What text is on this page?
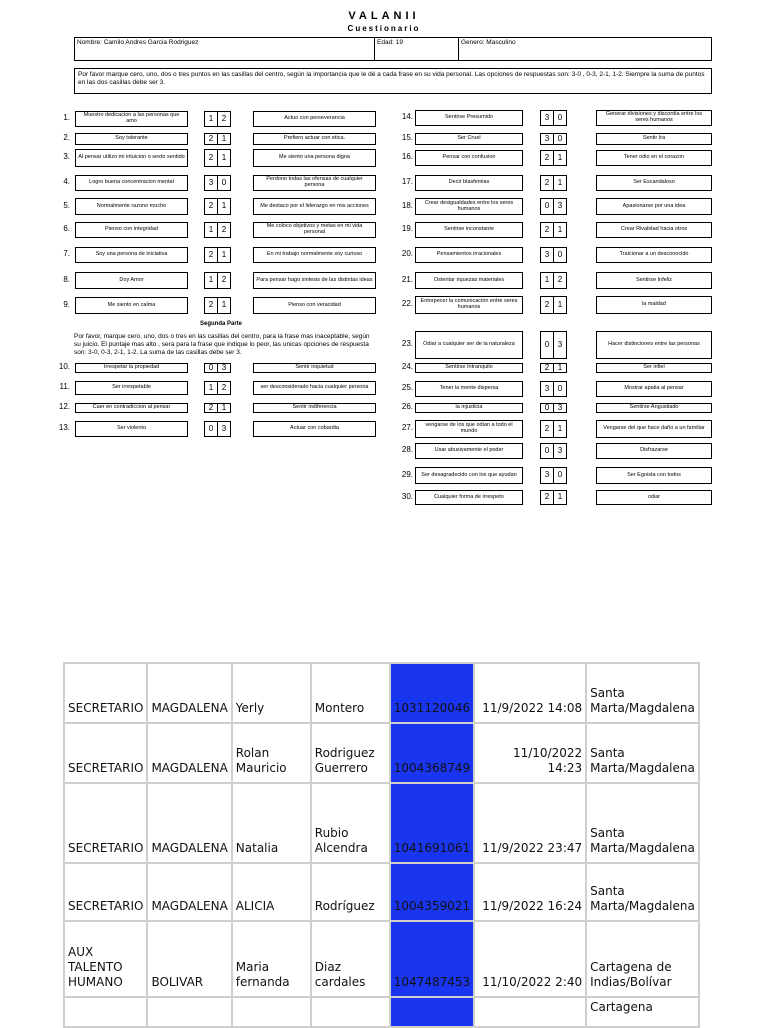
VALANII
Cuestionario
Nombre: Camilo Andres Garcia Rodriguez	Edad: 19	Genero: Masculino
Por favor marque cero, uno, dos o tres puntos en las casillas del centro, según la importancia que le dé a cada frase en su vida personal. Las opciones de respuestas son: 3-0 , 0-3, 2-1, 1-2. Siempre la suma de puntos en las dos casillas debe ser 3.
Segunda Parte
Por favor, marque cero, uno, dos o tres en las casillas del centro, para la frase mas inaceptable, según su juicio. El puntaje mas alto , sera para la frase que indique lo peor, las unicas opciones de respuesta son: 3-0, 0-3, 2-1, 1-2. La suma de las casillas debe ser 3.
1.	Muestro dedicacion a las personas que amo	1	2	Actuo con perseverancia
2.	Soy tolerante	2	1	Prefiero actuar con etica.
3.	Al pensar utilizo mi intuicion o sexto sentido	2	1	Me siento una persona digna
4.	Logro buena concentracion mental	3	0	Perdono todas las ofensas de cualquier persona
5.	Normalmente razono mucho	2	1	Me destaco por el liderazgo en mis acciones
6.	Pienso con integridad	1	2	Me coloco objetivos y metas en mi vida personal
7.	Soy una persona de iniciativa	2	1	En mi trabajo normalmente soy curioso
8.	Doy Amor	1	2	Para pensar hago sintesis de las distintas ideas
9.	Me siento en calma	2	1	Pienso con veracidad
10.	Irrespetar la propiedad	0	3	Sentir inquietud
11.	Ser irrespetable	1	2	ser desconsiderado hacia cualquier persona
12.	Caer en contradiccion al pensar	2	1	Sentir indiferencia
13.	Ser violento	0	3	Actuar con cobardia
14.	Sentirse Presumido	3	0	Generar divisiones y discordia entre los seres humanos
15.	Ser Cruel	3	0	Sentir Ira
16.	Pensar con confusion	2	1	Tener odio en el corazon
17.	Decir blasfemias	2	1	Ser Escandaloso
18.	Crear desigualdades entre los seres humanos	0	3	Apasionarse por una idea
19.	Sentirse inconstante	2	1	Crear Rivalidad hacia otros
20.	Pensamientos irracionales	3	0	Traicionar a un desconocido
21.	Ostentar riquezas materiales	1	2	Sentirse Infeliz
22.	Entorpecer la comunicación entre seres humanos	2	1	la maldad
23.	Odiar a cualquier ser de la naturaleza	0	3	Hacer distinciones entre las personas
24.	Sentirse Intranquilo	2	1	Ser infiel
25.	Tener la mente dispersa	3	0	Mostrar apatia al pensar
26.	la injusticia	0	3	Sentirse Angustiado
27.	vengarse de los que odian a todo el mundo	2	1	Vengarse del que hace daño a un familiar
28.	Usar abusivamente el poder	0	3	Disfrazarse
29.	Ser desagradecido con los que ayudan	3	0	Ser Egoista con todos
30.	Cualquier forma de irrespeto	2	1	odiar
SECRETARIO	MAGDALENA	Yerly	Montero	1031120046	11/9/2022 14:08	Santa Marta/Magdalena
SECRETARIO	MAGDALENA	Rolan Mauricio	Rodriguez Guerrero	1004368749	11/10/2022 14:23	Santa Marta/Magdalena
SECRETARIO	MAGDALENA	Natalia	Rubio Alcendra	1041691061	11/9/2022 23:47	Santa Marta/Magdalena
SECRETARIO	MAGDALENA	ALICIA	Rodríguez	1004359021	11/9/2022 16:24	Santa Marta/Magdalena
AUX TALENTO HUMANO	BOLIVAR	Maria fernanda	Diaz cardales	1047487453	11/10/2022 2:40	Cartagena de Indias/Bolívar
						Cartagena
